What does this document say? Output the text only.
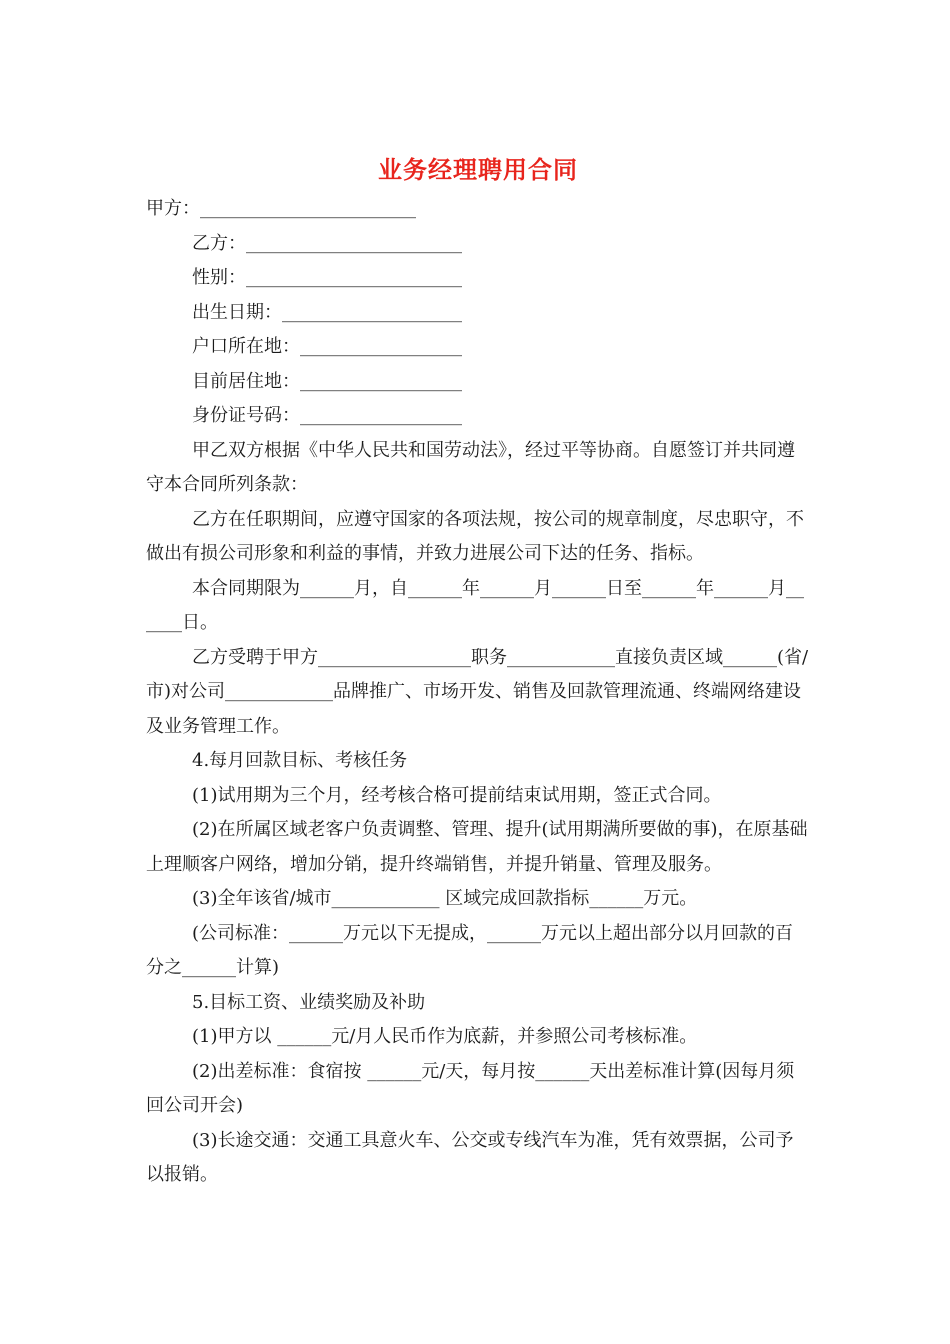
业务经理聘用合同

甲方：________________________

乙方：________________________

性别：________________________

出生日期：____________________

户口所在地：__________________

目前居住地：__________________

身份证号码：__________________

甲乙双方根据《中华人民共和国劳动法》，经过平等协商。自愿签订并共同遵守本合同所列条款：

乙方在任职期间，应遵守国家的各项法规，按公司的规章制度，尽忠职守，不做出有损公司形象和利益的事情，并致力进展公司下达的任务、指标。

本合同期限为______月，自______年______月______日至______年______月______日。

乙方受聘于甲方_________________职务____________直接负责区域______(省/市)对公司____________品牌推广、市场开发、销售及回款管理流通、终端网络建设及业务管理工作。

4.每月回款目标、考核任务

(1)试用期为三个月，经考核合格可提前结束试用期，签正式合同。

(2)在所属区域老客户负责调整、管理、提升(试用期满所要做的事)，在原基础上理顺客户网络，增加分销，提升终端销售，并提升销量、管理及服务。

(3)全年该省/城市____________ 区域完成回款指标______万元。

(公司标准：______万元以下无提成，______万元以上超出部分以月回款的百分之______计算)

5.目标工资、业绩奖励及补助

(1)甲方以 ______元/月人民币作为底薪，并参照公司考核标准。

(2)出差标准：食宿按 ______元/天，每月按______天出差标准计算(因每月须回公司开会)

(3)长途交通：交通工具意火车、公交或专线汽车为准，凭有效票据，公司予以报销。
